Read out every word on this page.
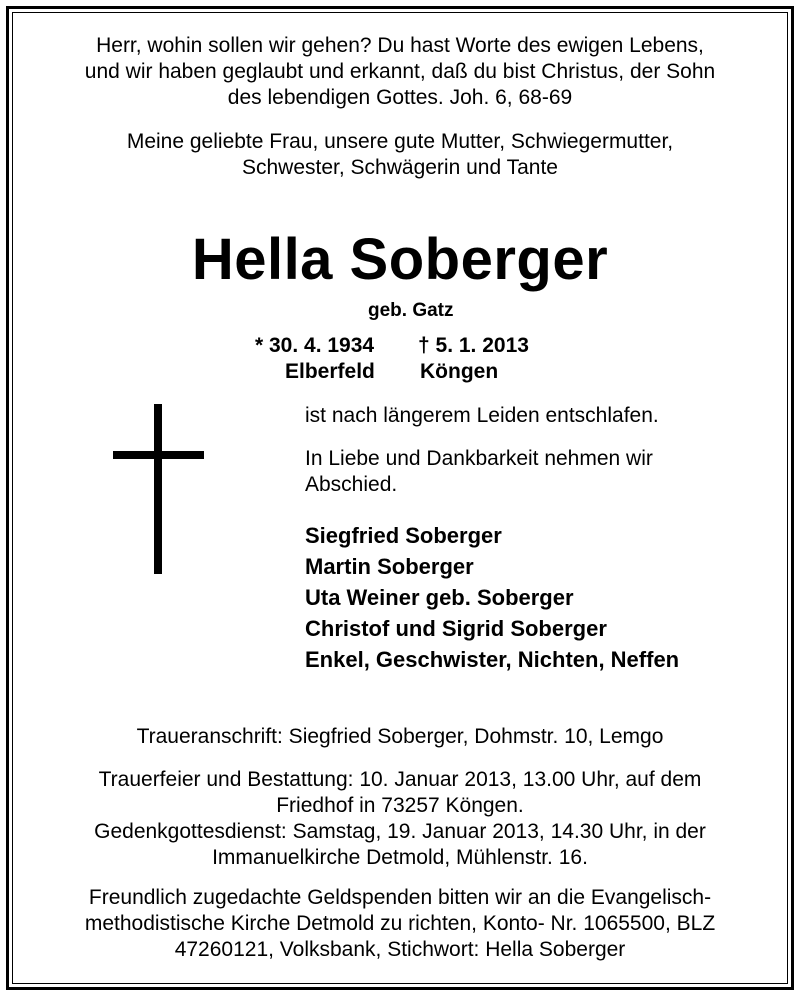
Herr, wohin sollen wir gehen? Du hast Worte des ewigen Lebens,

und wir haben geglaubt und erkannt, daß du bist Christus, der Sohn

des lebendigen Gottes. Joh. 6, 68-69

Meine geliebte Frau, unsere gute Mutter, Schwiegermutter,

Schwester, Schwägerin und Tante

Hella Soberger
geb. Gatz
* 30. 4. 1934 † 5. 1. 2013
Elberfeld Köngen
ist nach längerem Leiden entschlafen.
In Liebe und Dankbarkeit nehmen wir
Abschied.
Siegfried Soberger
Martin Soberger
Uta Weiner geb. Soberger
Christof und Sigrid Soberger
Enkel, Geschwister, Nichten, Neffen
Traueranschrift: Siegfried Soberger, Dohmstr. 10, Lemgo

Trauerfeier und Bestattung: 10. Januar 2013, 13.00 Uhr, auf dem

Friedhof in 73257 Köngen.

Gedenkgottesdienst: Samstag, 19. Januar 2013, 14.30 Uhr, in der

Immanuelkirche Detmold, Mühlenstr. 16.

Freundlich zugedachte Geldspenden bitten wir an die Evangelisch-

methodistische Kirche Detmold zu richten, Konto- Nr. 1065500, BLZ

47260121, Volksbank, Stichwort: Hella Soberger
